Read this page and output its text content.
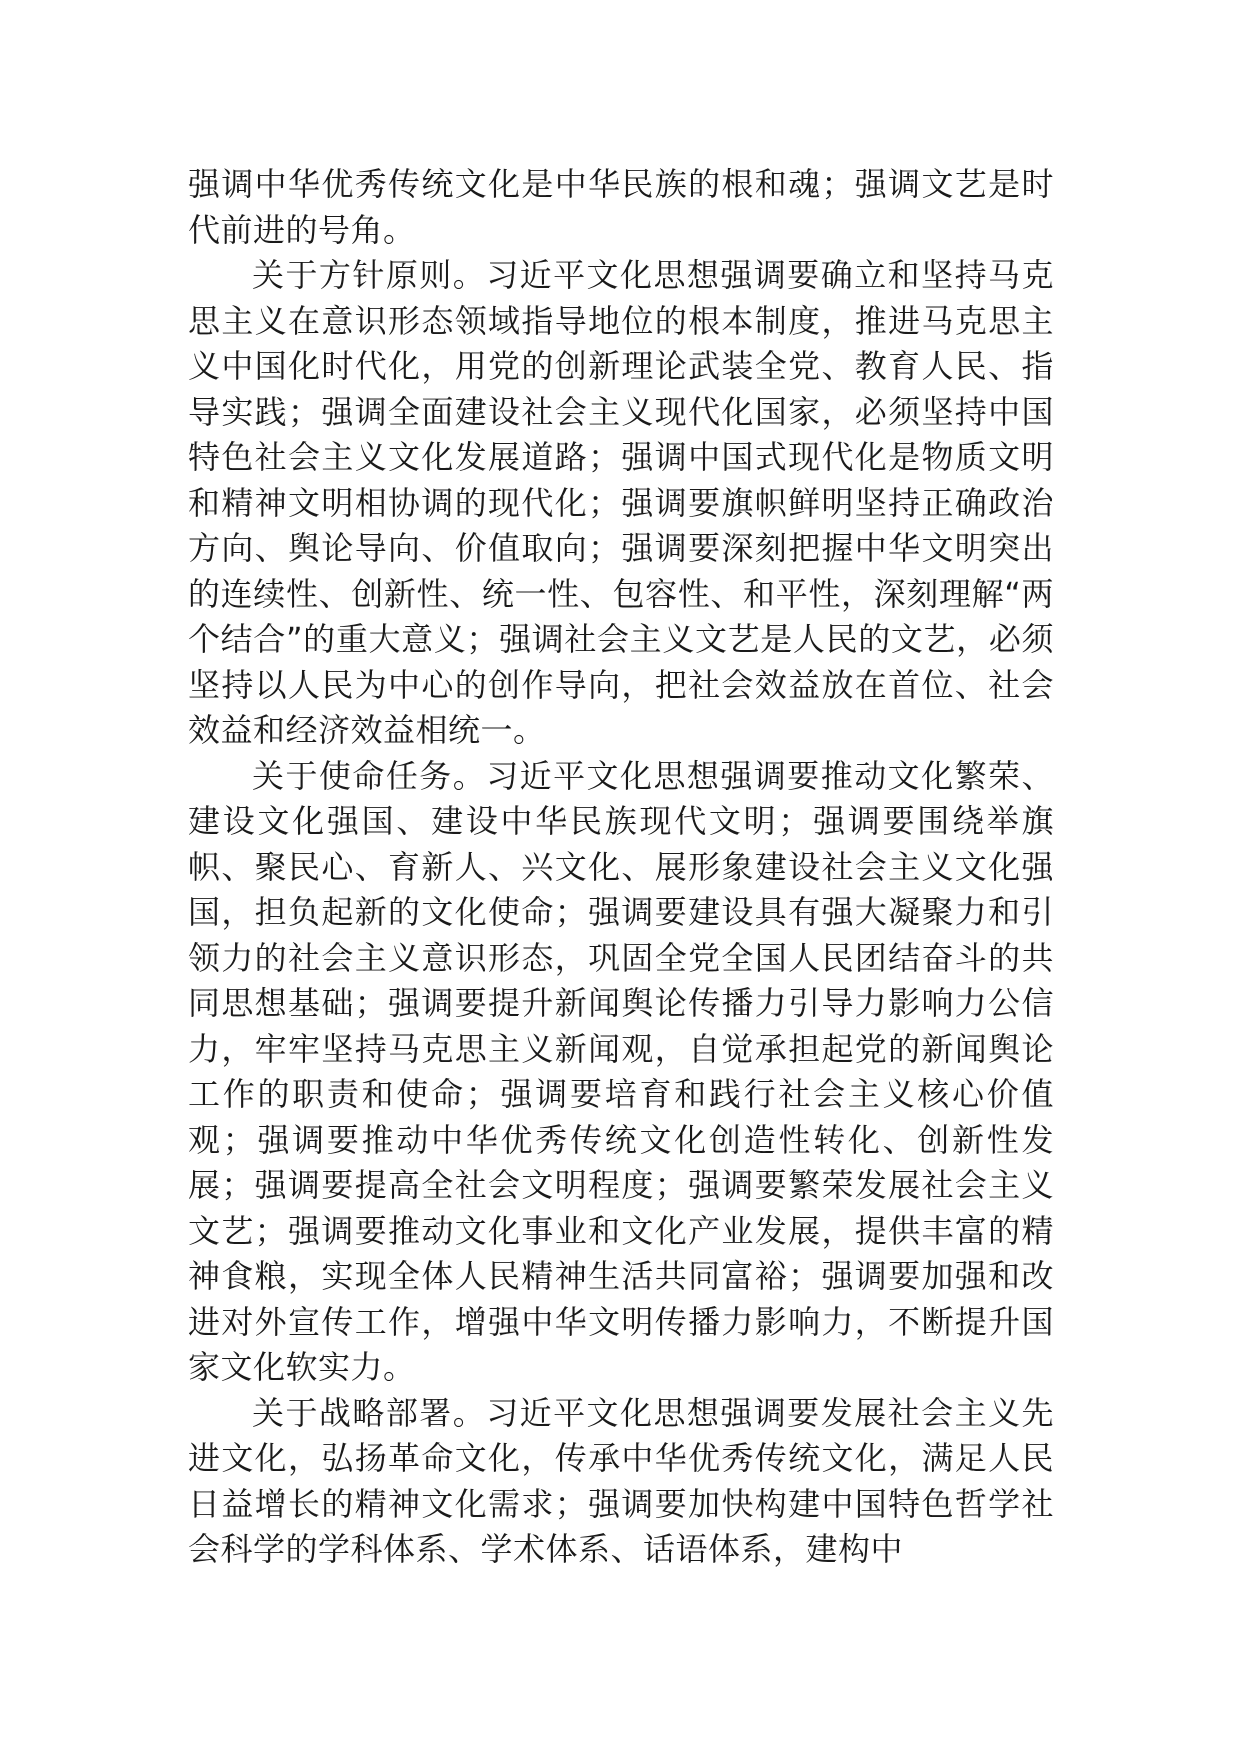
强调中华优秀传统文化是中华民族的根和魂；强调文艺是时代前进的号角。

关于方针原则。习近平文化思想强调要确立和坚持马克思主义在意识形态领域指导地位的根本制度，推进马克思主义中国化时代化，用党的创新理论武装全党、教育人民、指导实践；强调全面建设社会主义现代化国家，必须坚持中国特色社会主义文化发展道路；强调中国式现代化是物质文明和精神文明相协调的现代化；强调要旗帜鲜明坚持正确政治方向、舆论导向、价值取向；强调要深刻把握中华文明突出的连续性、创新性、统一性、包容性、和平性，深刻理解“两个结合”的重大意义；强调社会主义文艺是人民的文艺，必须坚持以人民为中心的创作导向，把社会效益放在首位、社会效益和经济效益相统一。

关于使命任务。习近平文化思想强调要推动文化繁荣、建设文化强国、建设中华民族现代文明；强调要围绕举旗帜、聚民心、育新人、兴文化、展形象建设社会主义文化强国，担负起新的文化使命；强调要建设具有强大凝聚力和引领力的社会主义意识形态，巩固全党全国人民团结奋斗的共同思想基础；强调要提升新闻舆论传播力引导力影响力公信力，牢牢坚持马克思主义新闻观，自觉承担起党的新闻舆论工作的职责和使命；强调要培育和践行社会主义核心价值观；强调要推动中华优秀传统文化创造性转化、创新性发展；强调要提高全社会文明程度；强调要繁荣发展社会主义文艺；强调要推动文化事业和文化产业发展，提供丰富的精神食粮，实现全体人民精神生活共同富裕；强调要加强和改进对外宣传工作，增强中华文明传播力影响力，不断提升国家文化软实力。

关于战略部署。习近平文化思想强调要发展社会主义先进文化，弘扬革命文化，传承中华优秀传统文化，满足人民日益增长的精神文化需求；强调要加快构建中国特色哲学社会科学的学科体系、学术体系、话语体系，建构中
